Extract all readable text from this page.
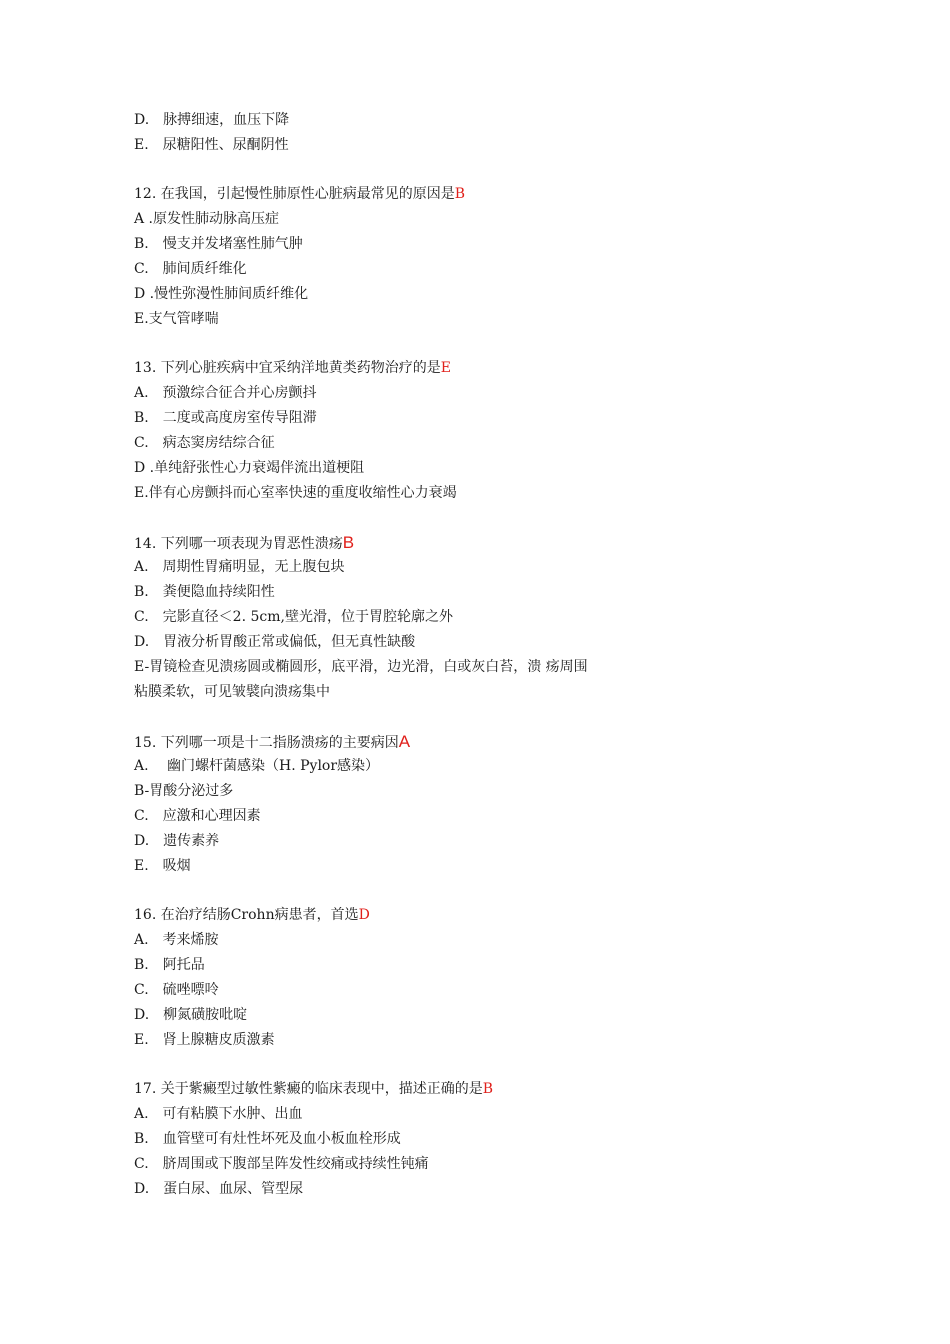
D.　脉搏细速，血压下降
E.　尿糖阳性、尿酮阴性
12. 在我国，引起慢性肺原性心脏病最常见的原因是B
A .原发性肺动脉高压症
B.　慢支并发堵塞性肺气肿
C.　肺间质纤维化
D .慢性弥漫性肺间质纤维化
E.支气管哮喘
13. 下列心脏疾病中宜采纳洋地黄类药物治疗的是E
A.　预激综合征合并心房颤抖
B.　二度或高度房室传导阻滞
C.　病态窦房结综合征
D .单纯舒张性心力衰竭伴流出道梗阻
E.伴有心房颤抖而心室率快速的重度收缩性心力衰竭
14. 下列哪一项表现为胃恶性溃疡B
A.　周期性胃痛明显，无上腹包块
B.　粪便隐血持续阳性
C.　完影直径＜2. 5cm,壁光滑，位于胃腔轮廓之外
D.　胃液分析胃酸正常或偏低，但无真性缺酸
E-胃镜检查见溃疡圆或椭圆形，底平滑，边光滑，白或灰白苔，溃 疡周围
粘膜柔软，可见皱襞向溃疡集中
15. 下列哪一项是十二指肠溃疡的主要病因A
A.　 幽门螺杆菌感染（H. Pylor感染）
B-胃酸分泌过多
C.　应激和心理因素
D.　遗传素养
E.　吸烟
16. 在治疗结肠Crohn病患者，首选D
A.　考来烯胺
B.　阿托品
C.　硫唑嘌呤
D.　柳氮磺胺吡啶
E.　肾上腺糖皮质激素
17. 关于紫癜型过敏性紫癜的临床表现中，描述正确的是B
A.　可有粘膜下水肿、出血
B.　血管壁可有灶性坏死及血小板血栓形成
C.　脐周围或下腹部呈阵发性绞痛或持续性钝痛
D.　蛋白尿、血尿、管型尿
